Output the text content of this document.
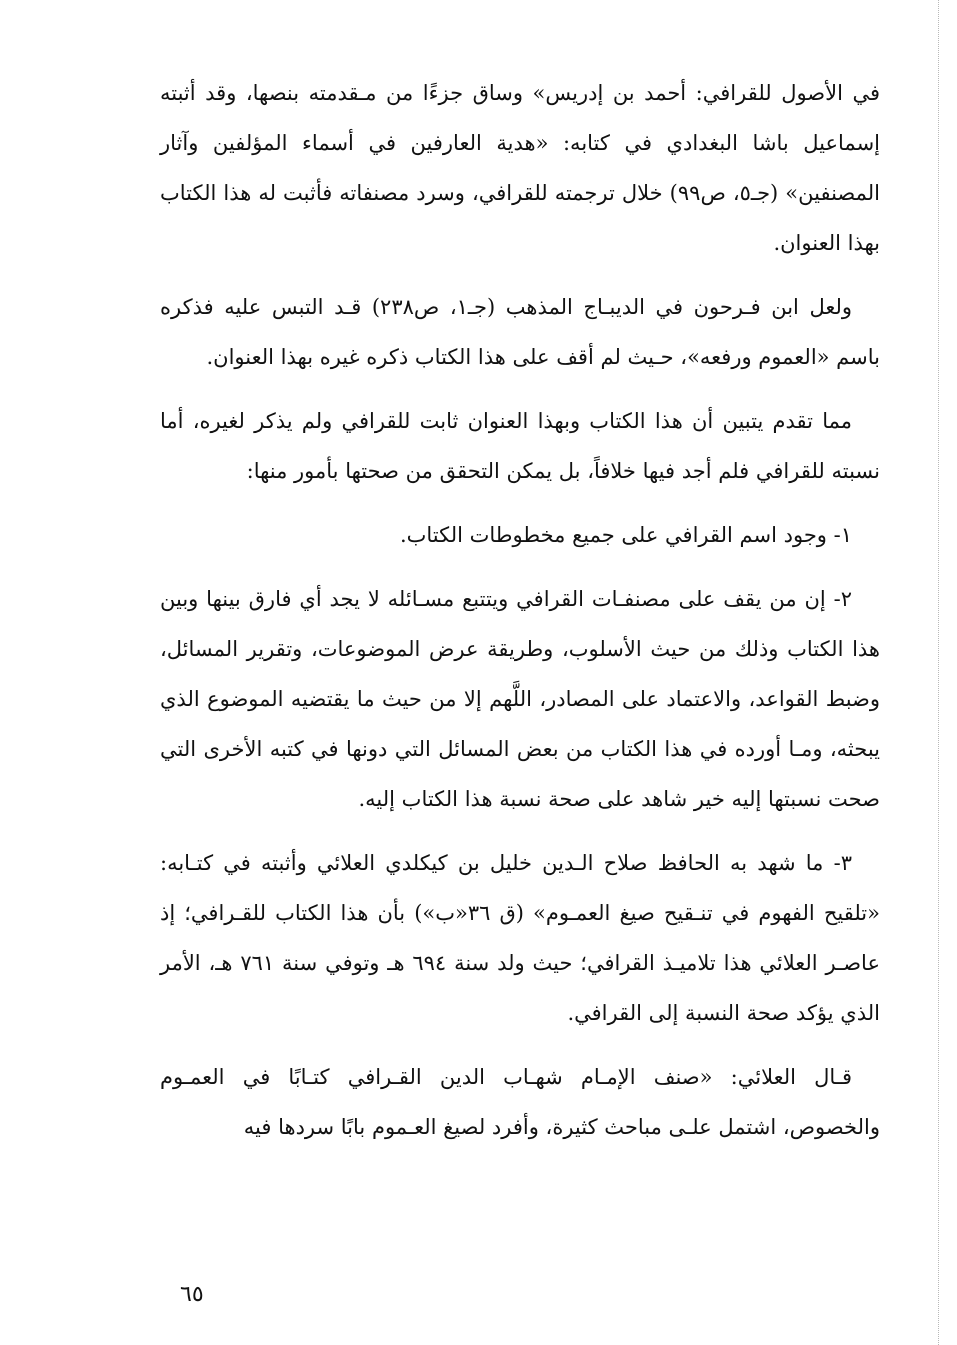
في الأصول للقرافي: أحمد بن إدريس» وساق جزءًا من مـقدمته بنصها، وقد أثبته إسماعيل باشا البغدادي في كتابه: «هدية العارفين في أسماء المؤلفين وآثار المصنفين» (جـ٥، ص٩٩) خلال ترجمته للقرافي، وسرد مصنفاته فأثبت له هذا الكتاب بهذا العنوان.

ولعل ابن فـرحون في الديبـاج المذهب (جـ١، ص٢٣٨) قـد التبس عليه فذكره باسم «العموم ورفعه»، حـيث لم أقف على هذا الكتاب ذكره غيره بهذا العنوان.

مما تقدم يتبين أن هذا الكتاب وبهذا العنوان ثابت للقرافي ولم يذكر لغيره، أما نسبته للقرافي فلم أجد فيها خلافاً، بل يمكن التحقق من صحتها بأمور منها:

١- وجود اسم القرافي على جميع مخطوطات الكتاب.

٢- إن من يقف على مصنفـات القرافي ويتتبع مسـائله لا يجد أي فارق بينها وبين هذا الكتاب وذلك من حيث الأسلوب، وطريقة عرض الموضوعات، وتقرير المسائل، وضبط القواعد، والاعتماد على المصادر، اللَّهم إلا من حيث ما يقتضيه الموضوع الذي يبحثه، ومـا أورده في هذا الكتاب من بعض المسائل التي دونها في كتبه الأخرى التي صحت نسبتها إليه خير شاهد على صحة نسبة هذا الكتاب إليه.

٣- ما شهد به الحافظ صلاح الـدين خليل بن كيكلدي العلائي وأثبته في كتـابه: «تلقيح الفهوم في تنـقيح صيغ العمـوم» (ق ٣٦«ب») بأن هذا الكتاب للقـرافي؛ إذ عاصـر العلائي هذا تلاميـذ القرافي؛ حيث ولد سنة ٦٩٤ هـ وتوفي سنة ٧٦١ هـ، الأمر الذي يؤكد صحة النسبة إلى القرافي.

قـال العلائي: «صنف الإمـام شهـاب الدين القـرافي كتـابًا في العمـوم والخصوص، اشتمل علـى مباحث كثيرة، وأفرد لصيغ العـموم بابًا سردها فيه

٦٥
